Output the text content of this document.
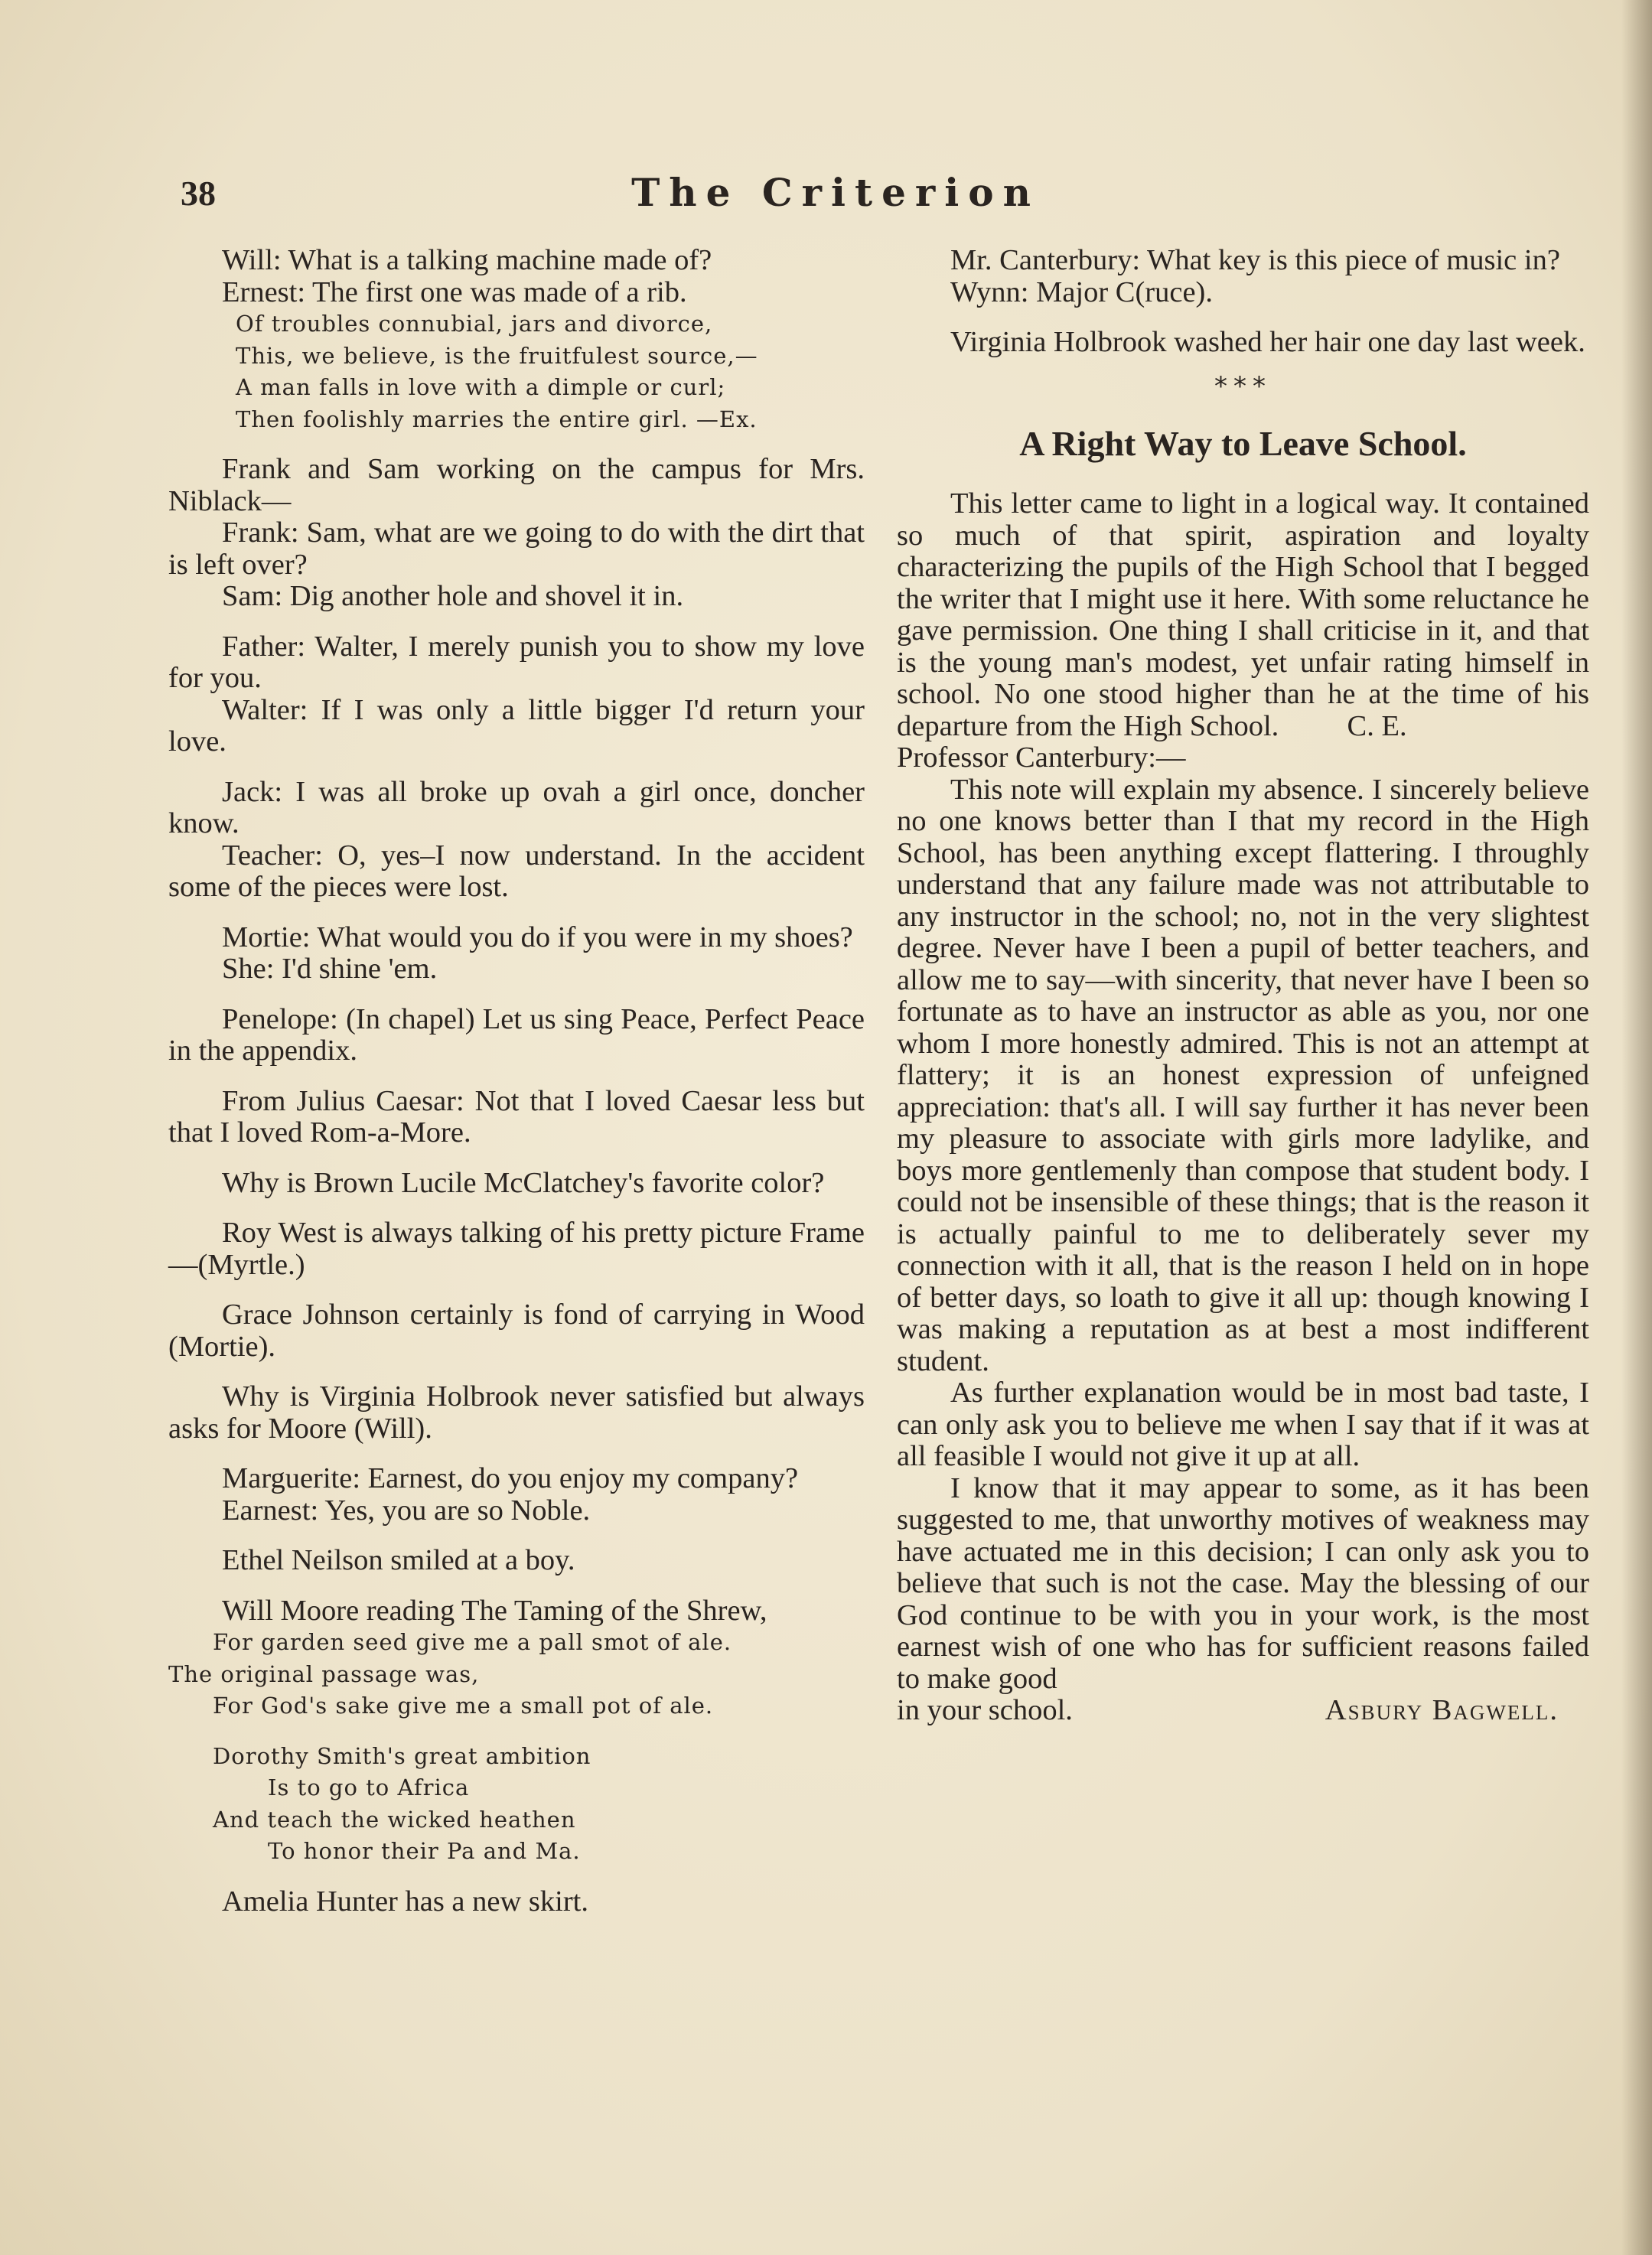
38	The Criterion

Will: What is a talking machine made of?

Ernest: The first one was made of a rib.

Of troubles connubial, jars and divorce,

This, we believe, is the fruitfulest source,—

A man falls in love with a dimple or curl;

Then foolishly marries the entire girl. —Ex.

Frank and Sam working on the campus for Mrs. Niblack—

Frank: Sam, what are we going to do with the dirt that is left over?

Sam: Dig another hole and shovel it in.

Father: Walter, I merely punish you to show my love for you.

Walter: If I was only a little bigger I'd return your love.

Jack: I was all broke up ovah a girl once, doncher know.

Teacher: O, yes–I now understand. In the accident some of the pieces were lost.

Mortie: What would you do if you were in my shoes?

She: I'd shine 'em.

Penelope: (In chapel) Let us sing Peace, Perfect Peace in the appendix.

From Julius Caesar: Not that I loved Caesar less but that I loved Rom-a-More.

Why is Brown Lucile McClatchey's favorite color?

Roy West is always talking of his pretty picture Frame—(Myrtle.)

Grace Johnson certainly is fond of carrying in Wood (Mortie).

Why is Virginia Holbrook never satisfied but always asks for Moore (Will).

Marguerite: Earnest, do you enjoy my company?

Earnest: Yes, you are so Noble.

Ethel Neilson smiled at a boy.

Will Moore reading The Taming of the Shrew,

For garden seed give me a pall smot of ale.

The original passage was,

For God's sake give me a small pot of ale.

Dorothy Smith's great ambition

Is to go to Africa

And teach the wicked heathen

To honor their Pa and Ma.

Amelia Hunter has a new skirt.

Mr. Canterbury: What key is this piece of music in?

Wynn: Major C(ruce).

Virginia Holbrook washed her hair one day last week.

***
A Right Way to Leave School.

This letter came to light in a logical way. It contained so much of that spirit, aspiration and loyalty characterizing the pupils of the High School that I begged the writer that I might use it here. With some reluctance he gave permission. One thing I shall criticise in it, and that is the young man's modest, yet unfair rating himself in school. No one stood higher than he at the time of his departure from the High School. C. E.

Professor Canterbury:—

This note will explain my absence. I sincerely believe no one knows better than I that my record in the High School, has been anything except flattering. I throughly understand that any failure made was not attributable to any instructor in the school; no, not in the very slightest degree. Never have I been a pupil of better teachers, and allow me to say—with sincerity, that never have I been so fortunate as to have an instructor as able as you, nor one whom I more honestly admired. This is not an attempt at flattery; it is an honest expression of unfeigned appreciation: that's all. I will say further it has never been my pleasure to associate with girls more ladylike, and boys more gentlemenly than compose that student body. I could not be insensible of these things; that is the reason it is actually painful to me to deliberately sever my connection with it all, that is the reason I held on in hope of better days, so loath to give it all up: though knowing I was making a reputation as at best a most indifferent student.

As further explanation would be in most bad taste, I can only ask you to believe me when I say that if it was at all feasible I would not give it up at all.

I know that it may appear to some, as it has been suggested to me, that unworthy motives of weakness may have actuated me in this decision; I can only ask you to believe that such is not the case. May the blessing of our God continue to be with you in your work, is the most earnest wish of one who has for sufficient reasons failed to make good

in your school.	Asbury Bagwell.
